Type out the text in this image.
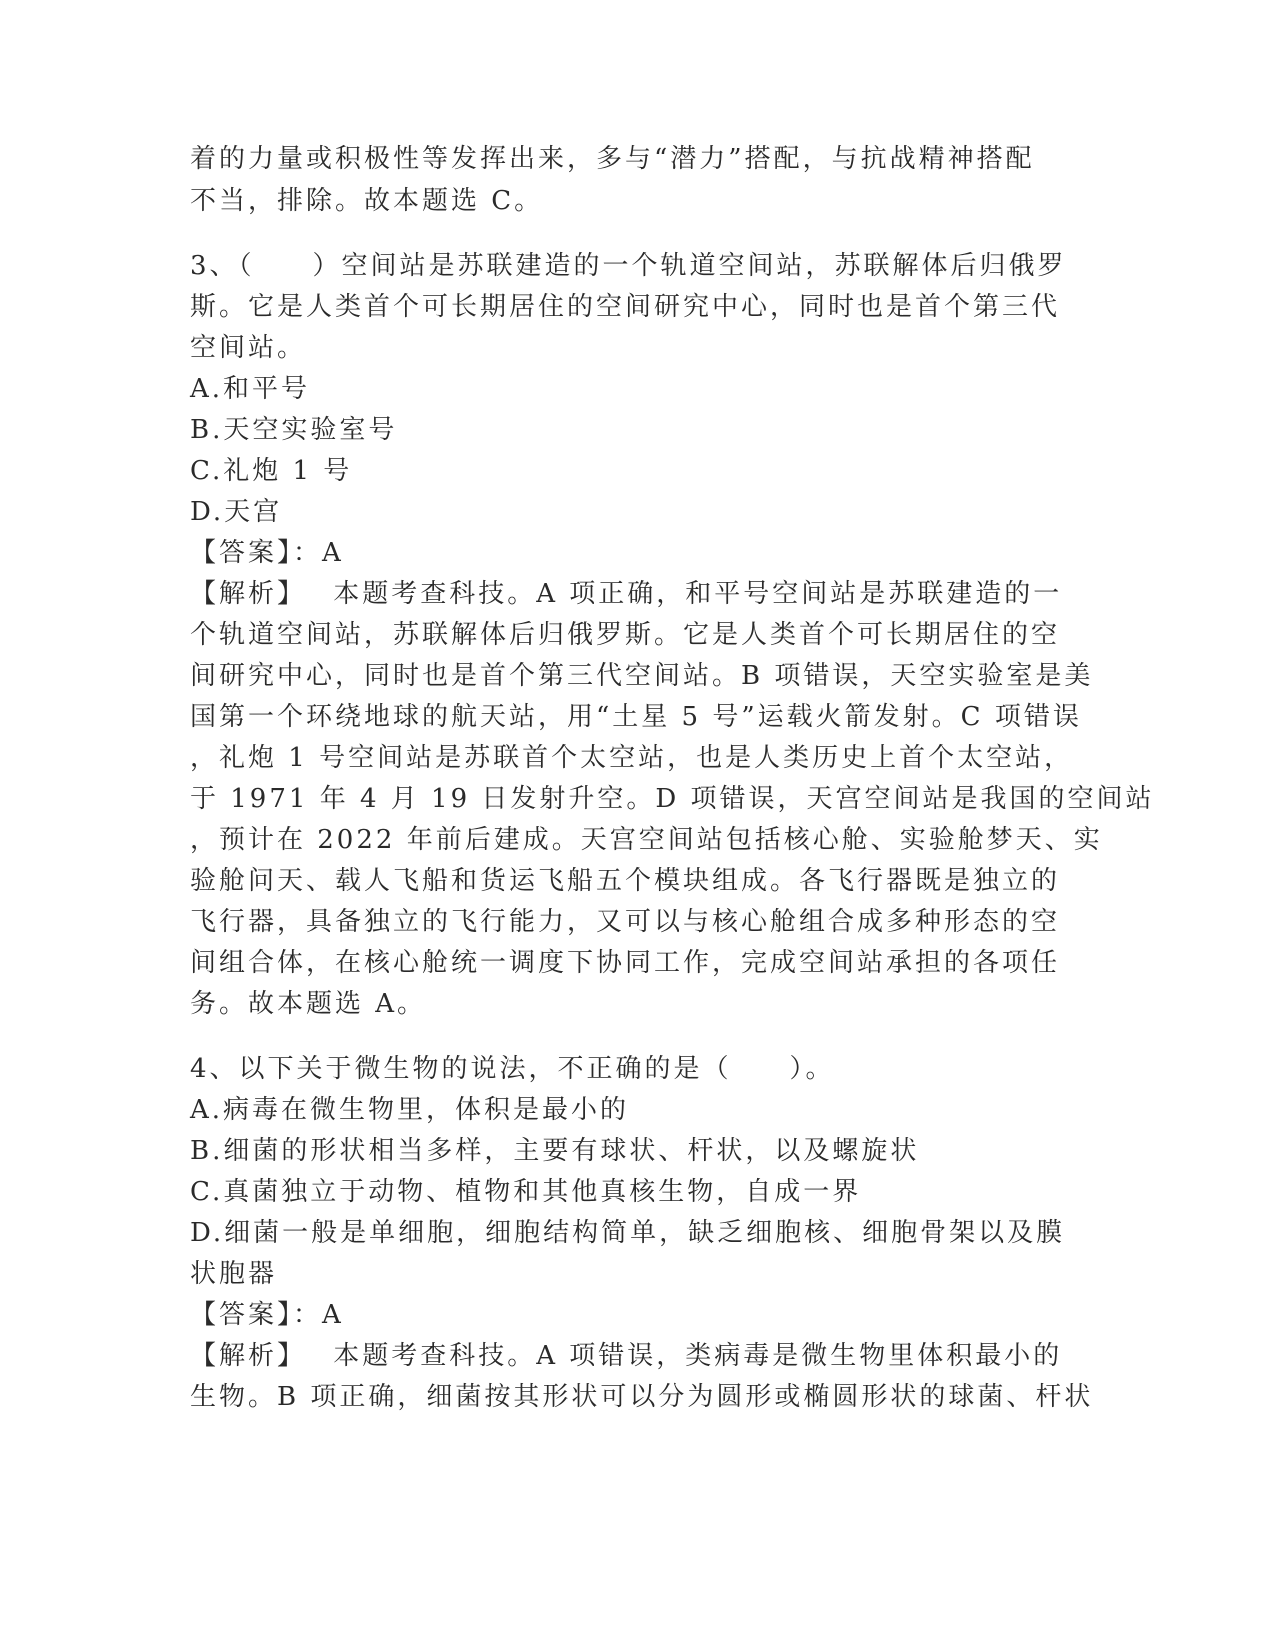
着的力量或积极性等发挥出来，多与“潜力”搭配，与抗战精神搭配
不当，排除。故本题选 C。
3、（　　）空间站是苏联建造的一个轨道空间站，苏联解体后归俄罗
斯。它是人类首个可长期居住的空间研究中心，同时也是首个第三代
空间站。
A.和平号
B.天空实验室号
C.礼炮 1 号
D.天宫
【答案】：A
【解析】　 本题考查科技。A 项正确，和平号空间站是苏联建造的一
个轨道空间站，苏联解体后归俄罗斯。它是人类首个可长期居住的空
间研究中心，同时也是首个第三代空间站。B 项错误，天空实验室是美
国第一个环绕地球的航天站，用“土星 5 号”运载火箭发射。C 项错误
，礼炮 1 号空间站是苏联首个太空站，也是人类历史上首个太空站，
于 1971 年 4 月 19 日发射升空。D 项错误，天宫空间站是我国的空间站
，预计在 2022 年前后建成。天宫空间站包括核心舱、实验舱梦天、实
验舱问天、载人飞船和货运飞船五个模块组成。各飞行器既是独立的
飞行器，具备独立的飞行能力，又可以与核心舱组合成多种形态的空
间组合体，在核心舱统一调度下协同工作，完成空间站承担的各项任
务。故本题选 A。
4、以下关于微生物的说法，不正确的是（　　）。
A.病毒在微生物里，体积是最小的
B.细菌的形状相当多样，主要有球状、杆状，以及螺旋状
C.真菌独立于动物、植物和其他真核生物，自成一界
D.细菌一般是单细胞，细胞结构简单，缺乏细胞核、细胞骨架以及膜
状胞器
【答案】：A
【解析】　 本题考查科技。A 项错误，类病毒是微生物里体积最小的
生物。B 项正确，细菌按其形状可以分为圆形或椭圆形状的球菌、杆状
